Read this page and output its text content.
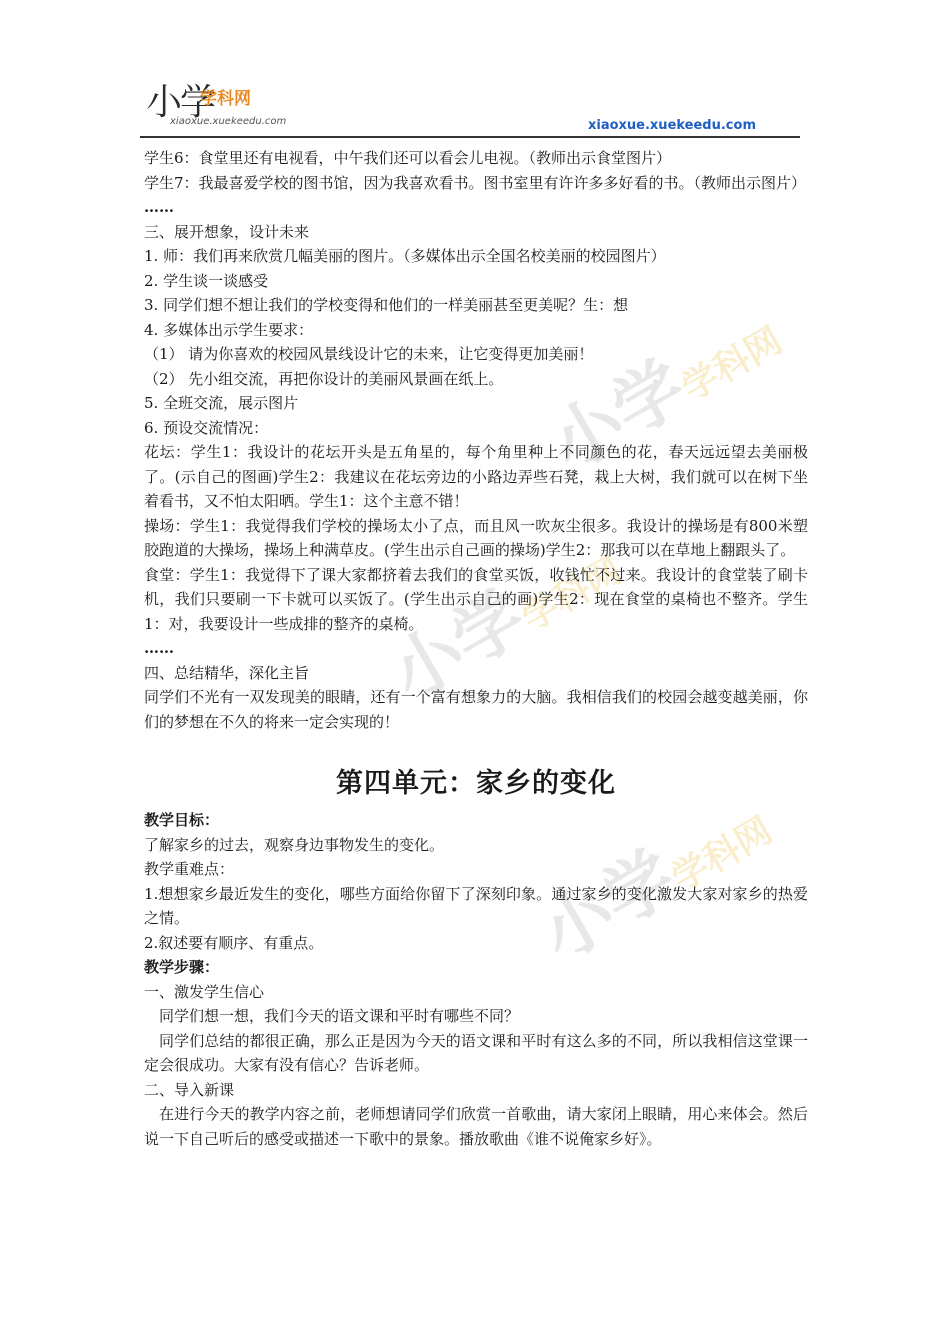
小学学科网
小学学科网
小学学科网
小学
学科网
xiaoxue.xuekeedu.com	xiaoxue.xuekeedu.com

学生6：食堂里还有电视看，中午我们还可以看会儿电视。（教师出示食堂图片）

学生7：我最喜爱学校的图书馆，因为我喜欢看书。图书室里有许许多多好看的书。（教师出示图片）

……

三、展开想象，设计未来

1. 师：我们再来欣赏几幅美丽的图片。（多媒体出示全国名校美丽的校园图片）

2. 学生谈一谈感受

3. 同学们想不想让我们的学校变得和他们的一样美丽甚至更美呢？生：想

4. 多媒体出示学生要求：

（1） 请为你喜欢的校园风景线设计它的未来，让它变得更加美丽！

（2） 先小组交流，再把你设计的美丽风景画在纸上。

5. 全班交流，展示图片

6. 预设交流情况：

花坛：学生1：我设计的花坛开头是五角星的，每个角里种上不同颜色的花，春天远远望去美丽极了。(示自己的图画)学生2：我建议在花坛旁边的小路边弄些石凳，栽上大树，我们就可以在树下坐着看书，又不怕太阳晒。学生1：这个主意不错！

操场：学生1：我觉得我们学校的操场太小了点，而且风一吹灰尘很多。我设计的操场是有800米塑胶跑道的大操场，操场上种满草皮。(学生出示自己画的操场)学生2：那我可以在草地上翻跟头了。

食堂：学生1：我觉得下了课大家都挤着去我们的食堂买饭，收钱忙不过来。我设计的食堂装了刷卡机，我们只要刷一下卡就可以买饭了。(学生出示自己的画)学生2：现在食堂的桌椅也不整齐。学生1：对，我要设计一些成排的整齐的桌椅。

……

四、总结精华，深化主旨

同学们不光有一双发现美的眼睛，还有一个富有想象力的大脑。我相信我们的校园会越变越美丽，你们的梦想在不久的将来一定会实现的！

第四单元：家乡的变化

教学目标：

了解家乡的过去，观察身边事物发生的变化。

教学重难点：

1.想想家乡最近发生的变化，哪些方面给你留下了深刻印象。通过家乡的变化激发大家对家乡的热爱之情。

2.叙述要有顺序、有重点。

教学步骤：

一、激发学生信心

同学们想一想，我们今天的语文课和平时有哪些不同？

同学们总结的都很正确，那么正是因为今天的语文课和平时有这么多的不同，所以我相信这堂课一定会很成功。大家有没有信心？告诉老师。

二、导入新课

在进行今天的教学内容之前，老师想请同学们欣赏一首歌曲，请大家闭上眼睛，用心来体会。然后说一下自己听后的感受或描述一下歌中的景象。播放歌曲《谁不说俺家乡好》。
